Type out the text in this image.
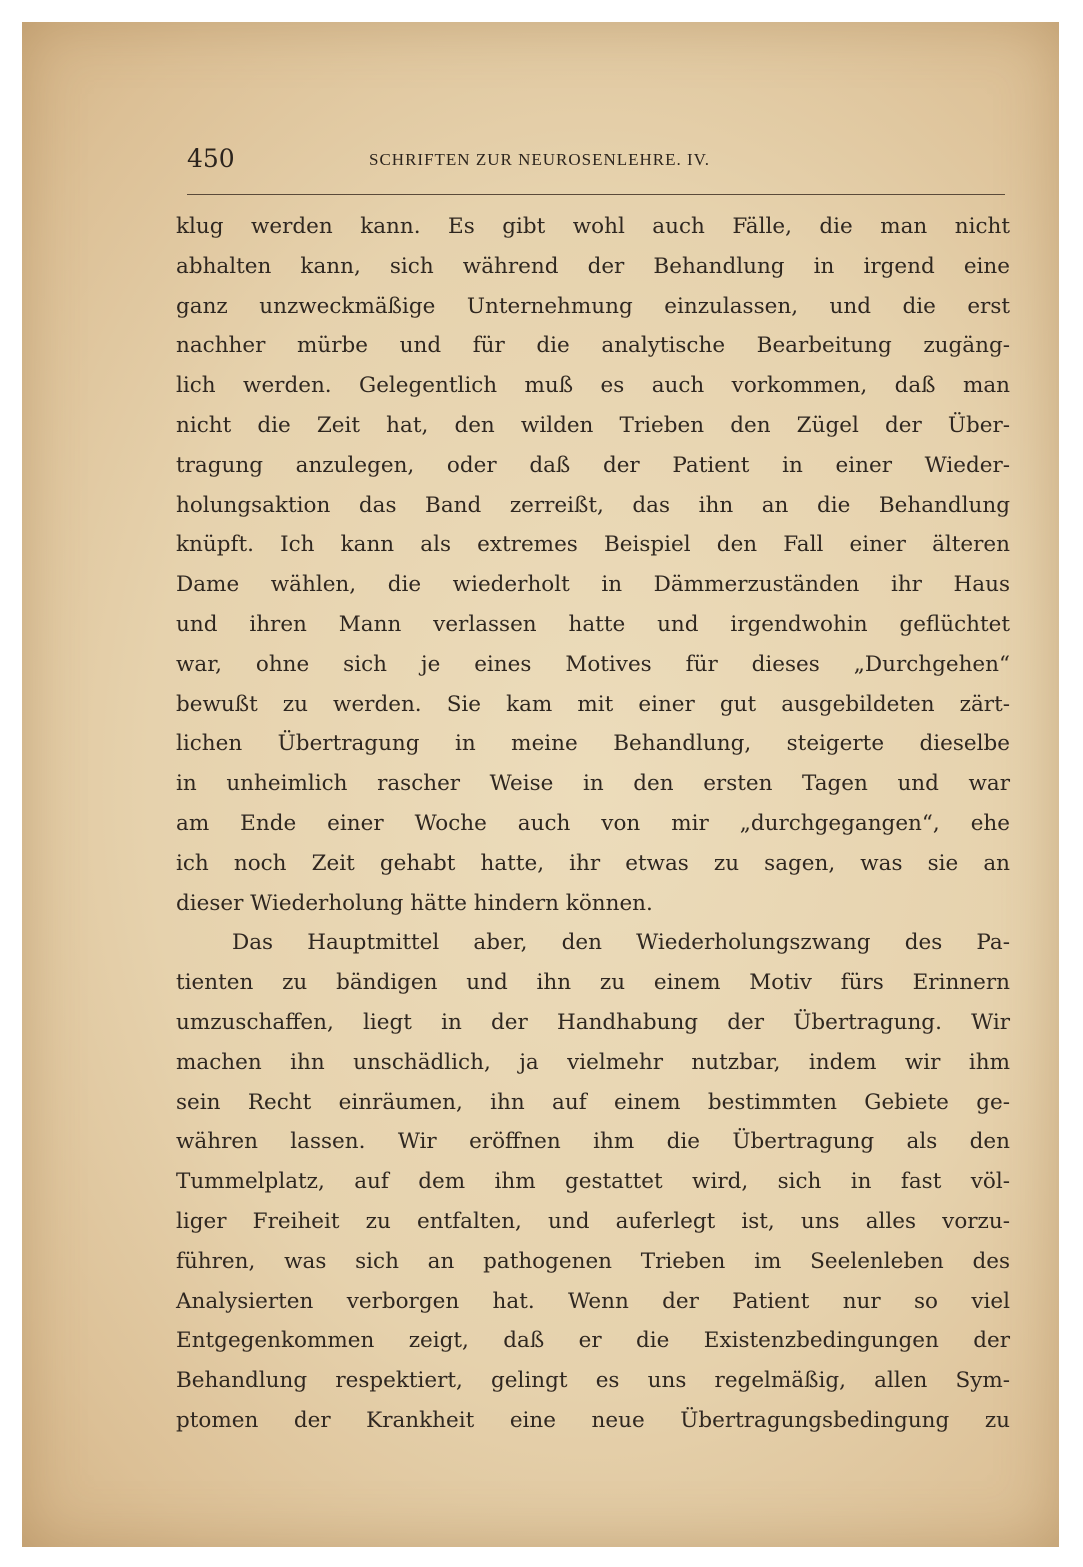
450	SCHRIFTEN ZUR NEUROSENLEHRE. IV.
klug werden kann. Es gibt wohl auch Fälle, die man nicht
abhalten kann, sich während der Behandlung in irgend eine
ganz unzweckmäßige Unternehmung einzulassen, und die erst
nachher mürbe und für die analytische Bearbeitung zugäng-
lich werden. Gelegentlich muß es auch vorkommen, daß man
nicht die Zeit hat, den wilden Trieben den Zügel der Über-
tragung anzulegen, oder daß der Patient in einer Wieder-
holungsaktion das Band zerreißt, das ihn an die Behandlung
knüpft. Ich kann als extremes Beispiel den Fall einer älteren
Dame wählen, die wiederholt in Dämmerzuständen ihr Haus
und ihren Mann verlassen hatte und irgendwohin geflüchtet
war, ohne sich je eines Motives für dieses „Durchgehen“
bewußt zu werden. Sie kam mit einer gut ausgebildeten zärt-
lichen Übertragung in meine Behandlung, steigerte dieselbe
in unheimlich rascher Weise in den ersten Tagen und war
am Ende einer Woche auch von mir „durchgegangen“, ehe
ich noch Zeit gehabt hatte, ihr etwas zu sagen, was sie an
dieser Wiederholung hätte hindern können.
Das Hauptmittel aber, den Wiederholungszwang des Pa-
tienten zu bändigen und ihn zu einem Motiv fürs Erinnern
umzuschaffen, liegt in der Handhabung der Übertragung. Wir
machen ihn unschädlich, ja vielmehr nutzbar, indem wir ihm
sein Recht einräumen, ihn auf einem bestimmten Gebiete ge-
währen lassen. Wir eröffnen ihm die Übertragung als den
Tummelplatz, auf dem ihm gestattet wird, sich in fast völ-
liger Freiheit zu entfalten, und auferlegt ist, uns alles vorzu-
führen, was sich an pathogenen Trieben im Seelenleben des
Analysierten verborgen hat. Wenn der Patient nur so viel
Entgegenkommen zeigt, daß er die Existenzbedingungen der
Behandlung respektiert, gelingt es uns regelmäßig, allen Sym-
ptomen der Krankheit eine neue Übertragungsbedingung zu
